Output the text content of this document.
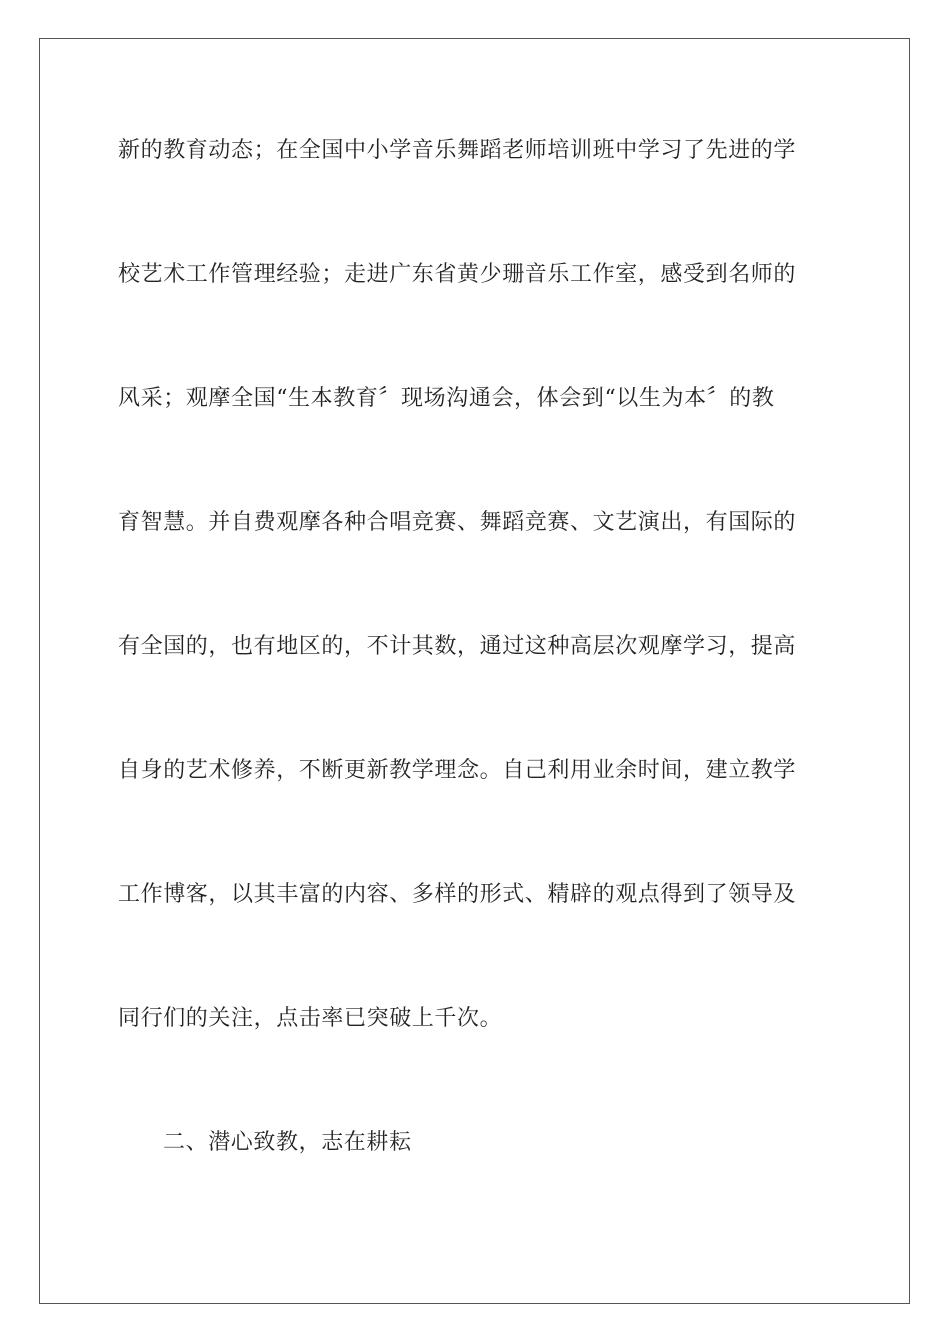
新的教育动态；在全国中小学音乐舞蹈老师培训班中学习了先进的学
校艺术工作管理经验；走进广东省黄少珊音乐工作室，感受到名师的
风采；观摩全国“生本教育〞现场沟通会，体会到“以生为本〞的教
育智慧。并自费观摩各种合唱竞赛、舞蹈竞赛、文艺演出，有国际的
有全国的，也有地区的，不计其数，通过这种高层次观摩学习，提高
自身的艺术修养，不断更新教学理念。自己利用业余时间，建立教学
工作博客，以其丰富的内容、多样的形式、精辟的观点得到了领导及
同行们的关注，点击率已突破上千次。
二、潜心致教，志在耕耘
